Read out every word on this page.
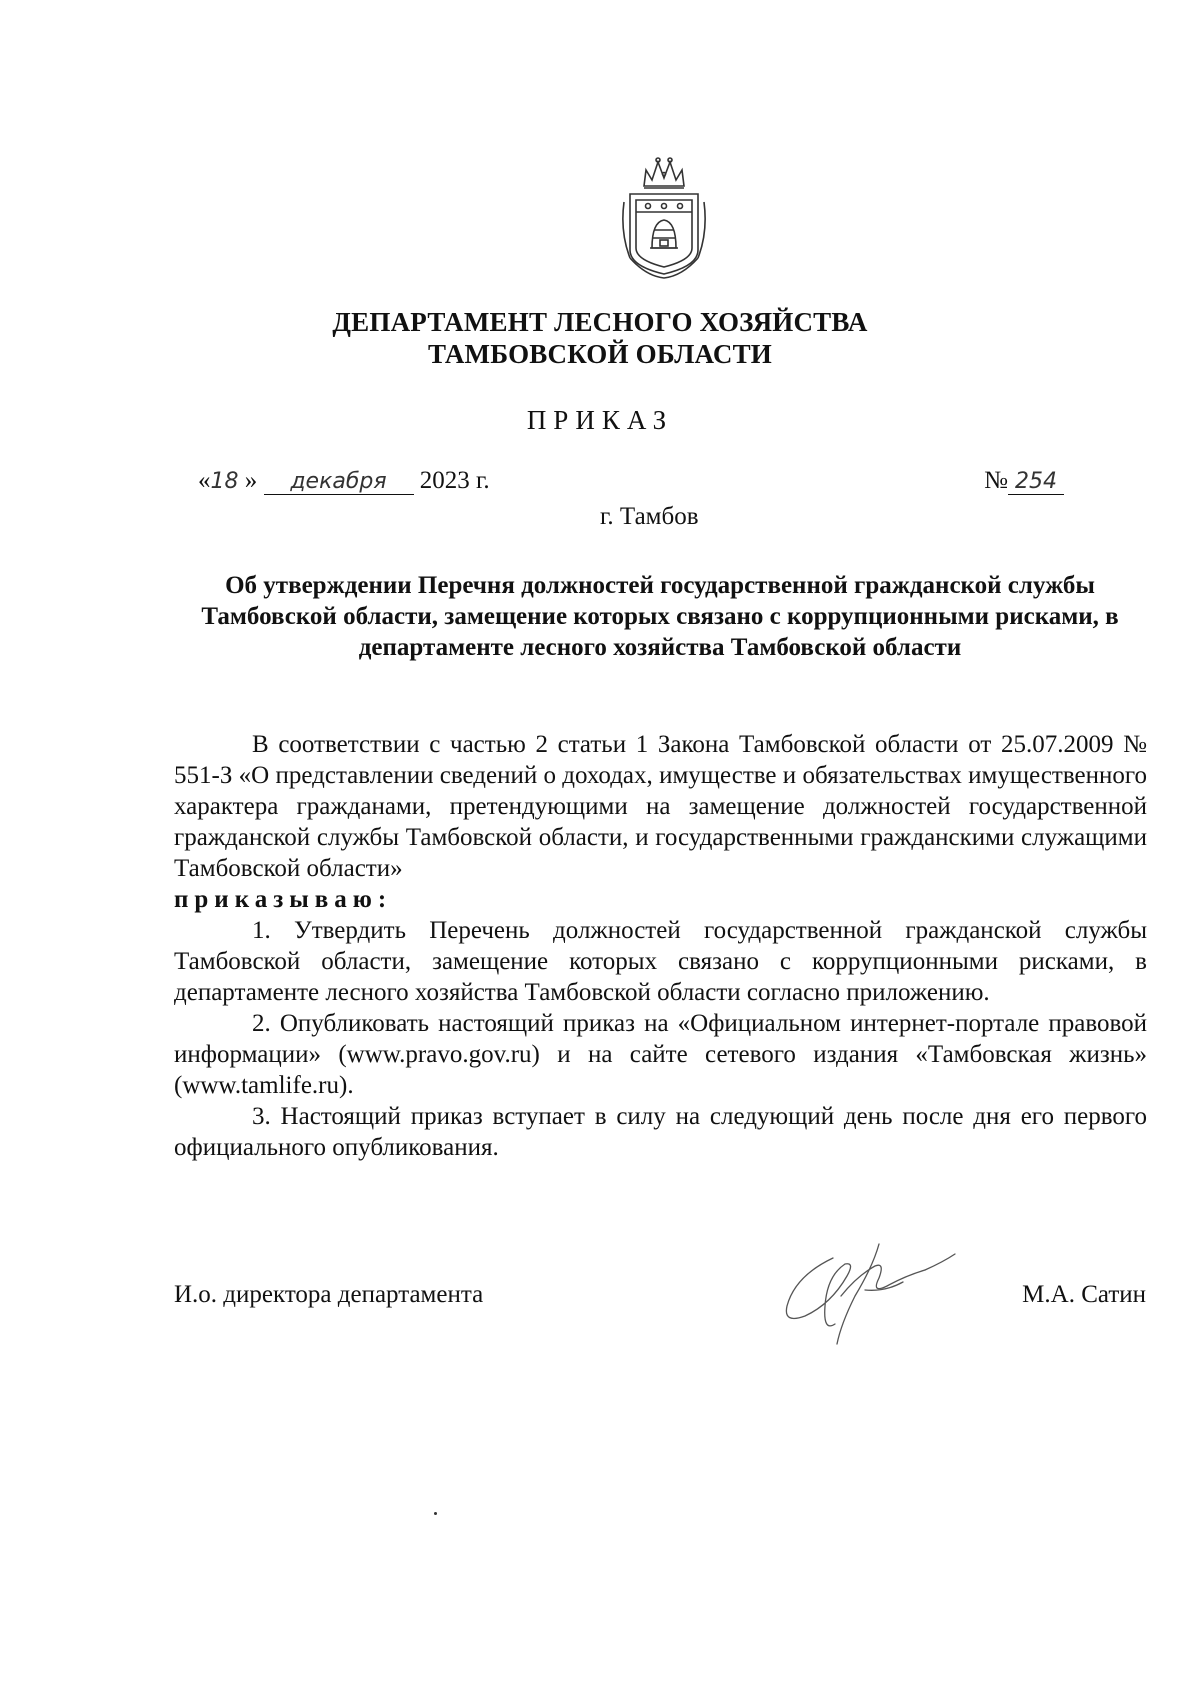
ДЕПАРТАМЕНТ ЛЕСНОГО ХОЗЯЙСТВА
ТАМБОВСКОЙ ОБЛАСТИ
ПРИКАЗ
«18 » декабря 2023 г.	№ 254
г. Тамбов
Об утверждении Перечня должностей государственной гражданской службы Тамбовской области, замещение которых связано с коррупционными рисками, в департаменте лесного хозяйства Тамбовской области

В соответствии с частью 2 статьи 1 Закона Тамбовской области от 25.07.2009 № 551-З «О представлении сведений о доходах, имуществе и обязательствах имущественного характера гражданами, претендующими на замещение должностей государственной гражданской службы Тамбовской области, и государственными гражданскими служащими Тамбовской области»

приказываю:

1. Утвердить Перечень должностей государственной гражданской службы Тамбовской области, замещение которых связано с коррупционными рисками, в департаменте лесного хозяйства Тамбовской области согласно приложению.

2. Опубликовать настоящий приказ на «Официальном интернет-портале правовой информации» (www.pravo.gov.ru) и на сайте сетевого издания «Тамбовская жизнь» (www.tamlife.ru).

3. Настоящий приказ вступает в силу на следующий день после дня его первого официального опубликования.

И.о. директора департамента	М.А. Сатин
